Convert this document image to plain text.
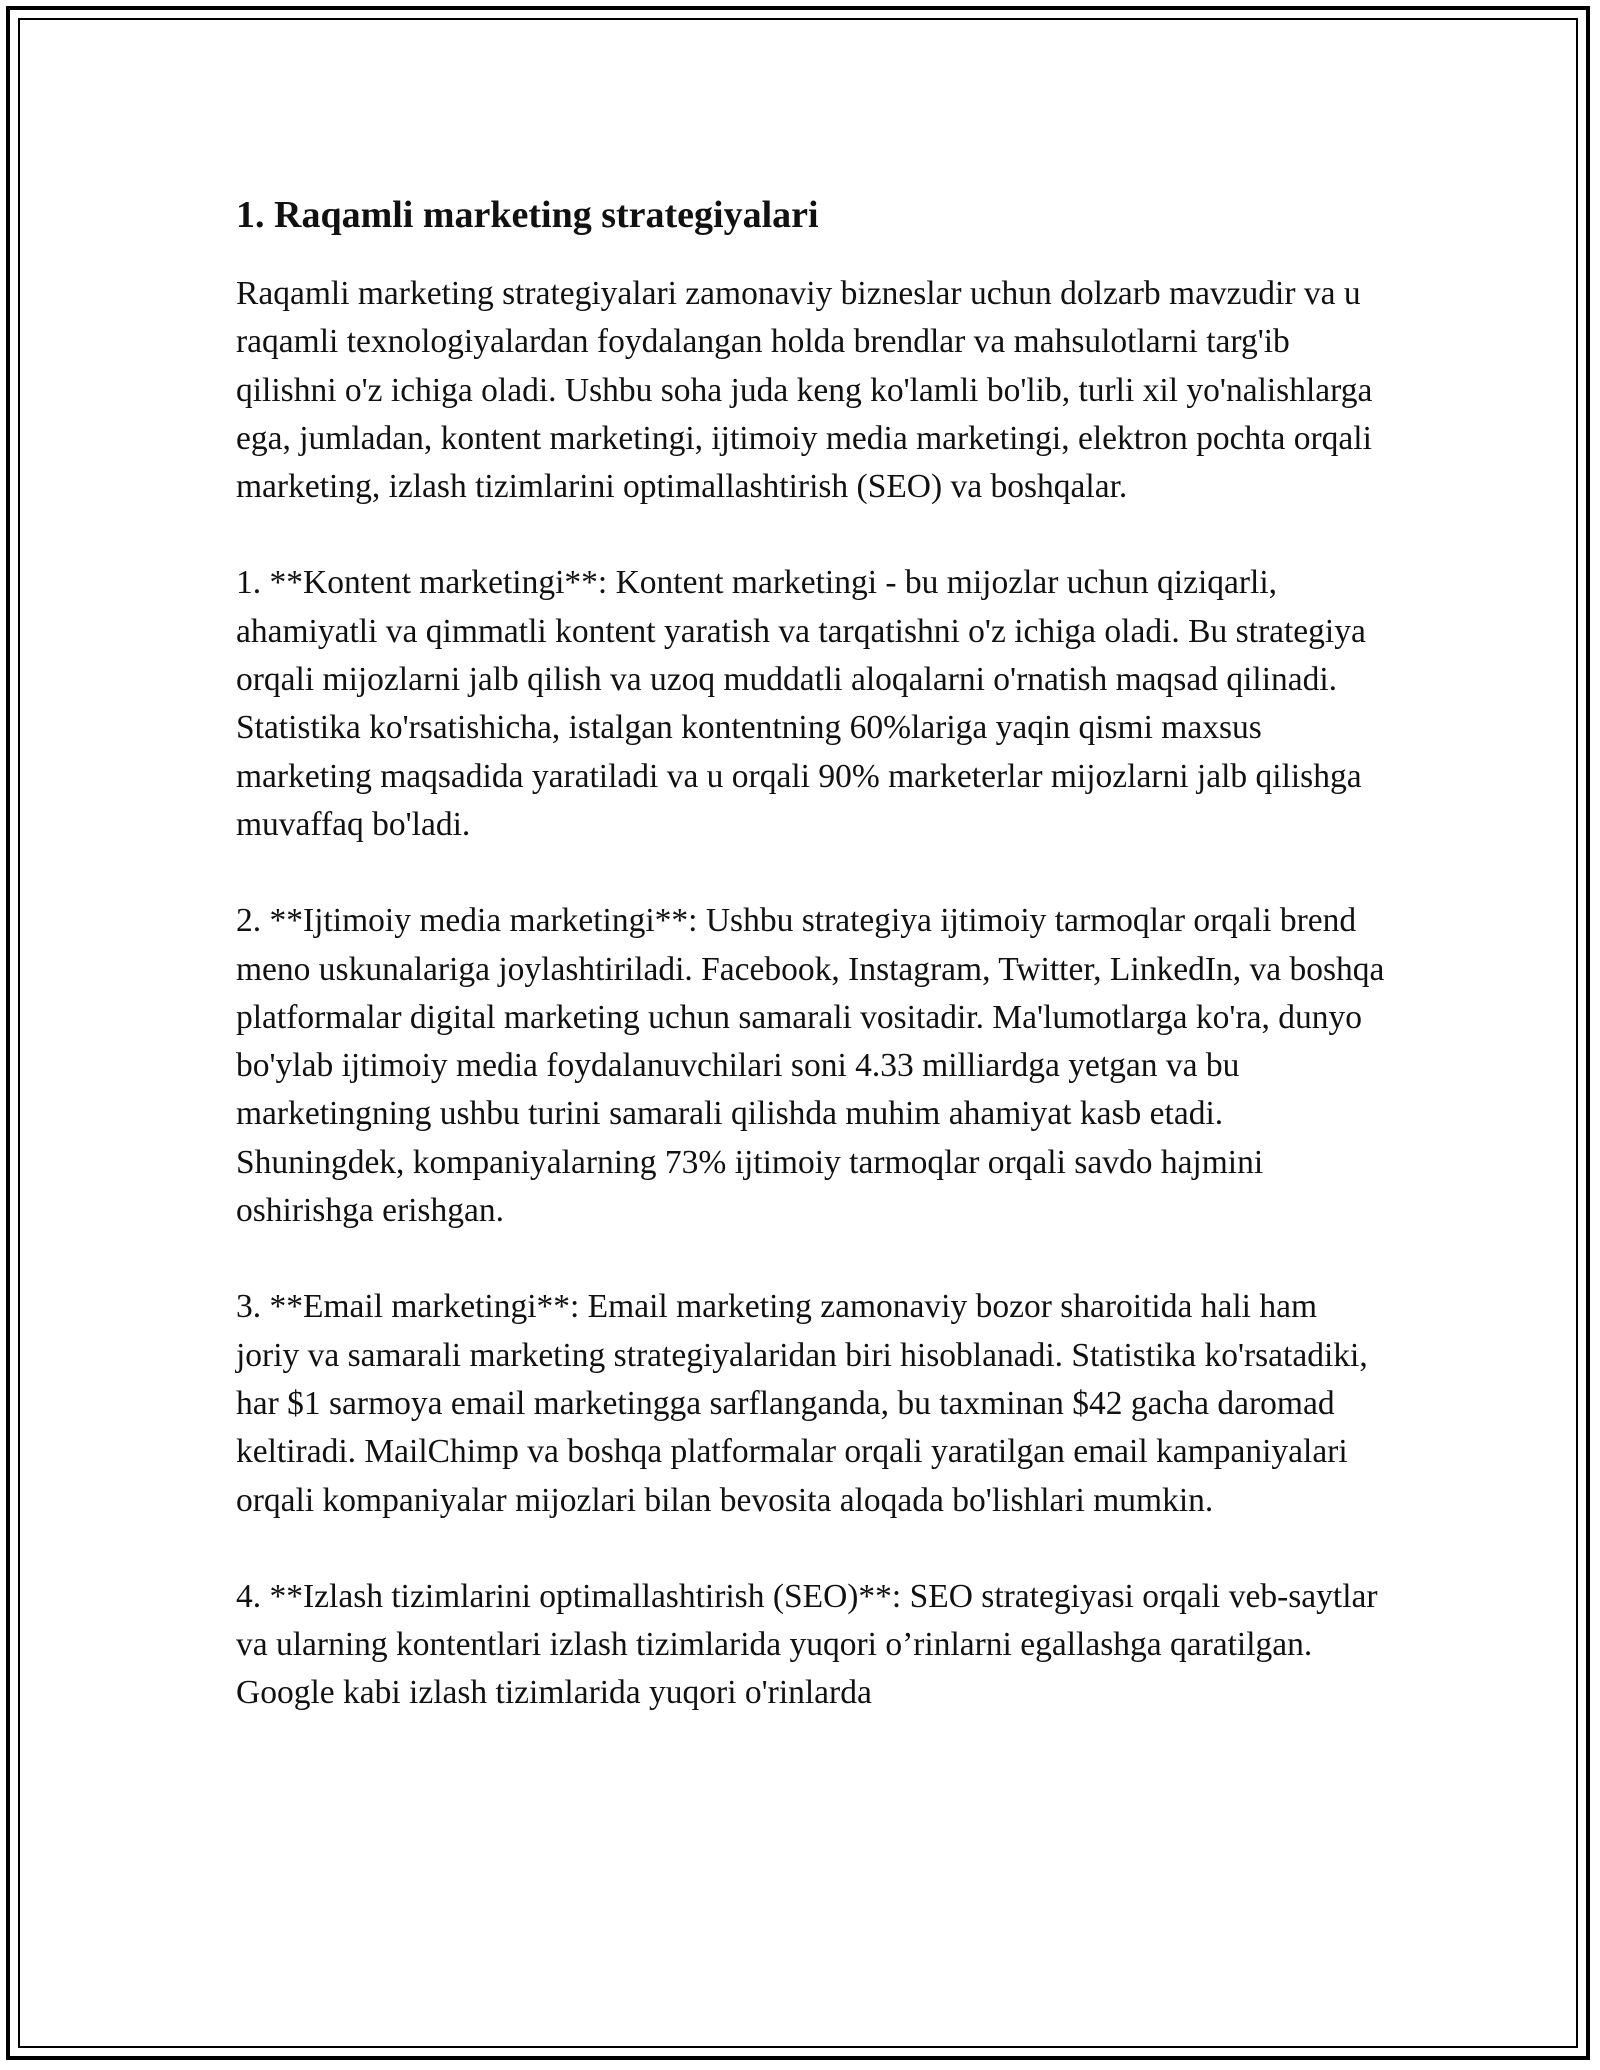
1. Raqamli marketing strategiyalari

Raqamli marketing strategiyalari zamonaviy bizneslar uchun dolzarb mavzudir va u raqamli texnologiyalardan foydalangan holda brendlar va mahsulotlarni targ'ib qilishni o'z ichiga oladi. Ushbu soha juda keng ko'lamli bo'lib, turli xil yo'nalishlarga ega, jumladan, kontent marketingi, ijtimoiy media marketingi, elektron pochta orqali marketing, izlash tizimlarini optimallashtirish (SEO) va boshqalar.

1. **Kontent marketingi**: Kontent marketingi - bu mijozlar uchun qiziqarli, ahamiyatli va qimmatli kontent yaratish va tarqatishni o'z ichiga oladi. Bu strategiya orqali mijozlarni jalb qilish va uzoq muddatli aloqalarni o'rnatish maqsad qilinadi. Statistika ko'rsatishicha, istalgan kontentning 60%lariga yaqin qismi maxsus marketing maqsadida yaratiladi va u orqali 90% marketerlar mijozlarni jalb qilishga muvaffaq bo'ladi.

2. **Ijtimoiy media marketingi**: Ushbu strategiya ijtimoiy tarmoqlar orqali brend meno uskunalariga joylashtiriladi. Facebook, Instagram, Twitter, LinkedIn, va boshqa platformalar digital marketing uchun samarali vositadir. Ma'lumotlarga ko'ra, dunyo bo'ylab ijtimoiy media foydalanuvchilari soni 4.33 milliardga yetgan va bu marketingning ushbu turini samarali qilishda muhim ahamiyat kasb etadi. Shuningdek, kompaniyalarning 73% ijtimoiy tarmoqlar orqali savdo hajmini oshirishga erishgan.

3. **Email marketingi**: Email marketing zamonaviy bozor sharoitida hali ham joriy va samarali marketing strategiyalaridan biri hisoblanadi. Statistika ko'rsatadiki, har $1 sarmoya email marketingga sarflanganda, bu taxminan $42 gacha daromad keltiradi. MailChimp va boshqa platformalar orqali yaratilgan email kampaniyalari orqali kompaniyalar mijozlari bilan bevosita aloqada bo'lishlari mumkin.

4. **Izlash tizimlarini optimallashtirish (SEO)**: SEO strategiyasi orqali veb-saytlar va ularning kontentlari izlash tizimlarida yuqori o’rinlarni egallashga qaratilgan. Google kabi izlash tizimlarida yuqori o'rinlarda
